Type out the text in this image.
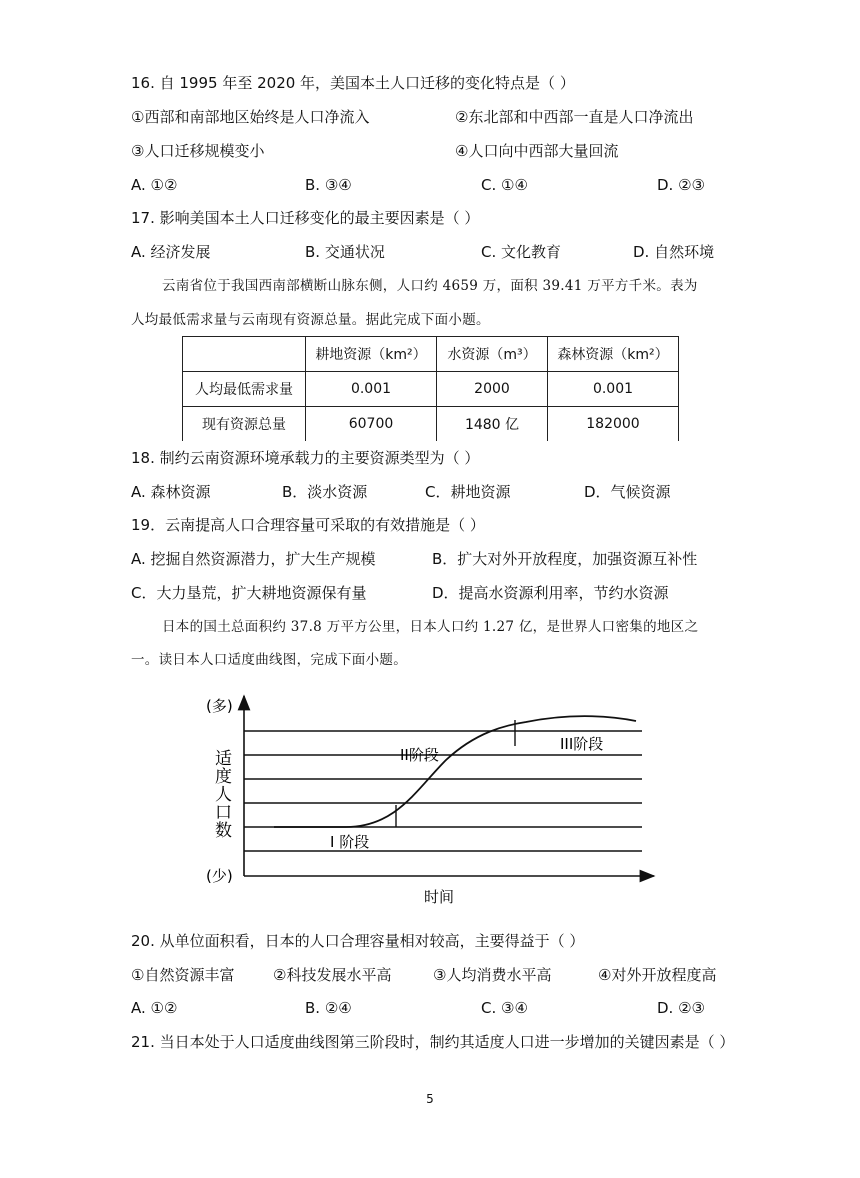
16. 自 1995 年至 2020 年，美国本土人口迁移的变化特点是（ ）
①西部和南部地区始终是人口净流入	②东北部和中西部一直是人口净流出
③人口迁移规模变小	④人口向中西部大量回流
A. ①②	B. ③④	C. ①④	D. ②③
17. 影响美国本土人口迁移变化的最主要因素是（ ）
A. 经济发展	B. 交通状况	C. 文化教育	D. 自然环境
云南省位于我国西南部横断山脉东侧，人口约 4659 万，面积 39.41 万平方千米。表为
人均最低需求量与云南现有资源总量。据此完成下面小题。
	耕地资源（km²）	水资源（m³）	森林资源（km²）
人均最低需求量	0.001	2000	0.001
现有资源总量	60700	1480 亿	182000
18. 制约云南资源环境承载力的主要资源类型为（ ）
A. 森林资源	B．淡水资源	C．耕地资源	D．气候资源
19．云南提高人口合理容量可采取的有效措施是（ ）
A. 挖掘自然资源潜力，扩大生产规模	B．扩大对外开放程度，加强资源互补性
C．大力垦荒，扩大耕地资源保有量	D．提高水资源利用率，节约水资源
日本的国土总面积约 37.8 万平方公里，日本人口约 1.27 亿，是世界人口密集的地区之
一。读日本人口适度曲线图，完成下面小题。
(多)
(少)
适
度
人
口
数
时间
I 阶段
II阶段
III阶段
20. 从单位面积看，日本的人口合理容量相对较高，主要得益于（ ）
①自然资源丰富	②科技发展水平高	③人均消费水平高	④对外开放程度高
A. ①②	B. ②④	C. ③④	D. ②③
21. 当日本处于人口适度曲线图第三阶段时，制约其适度人口进一步增加的关键因素是（ ）
5
